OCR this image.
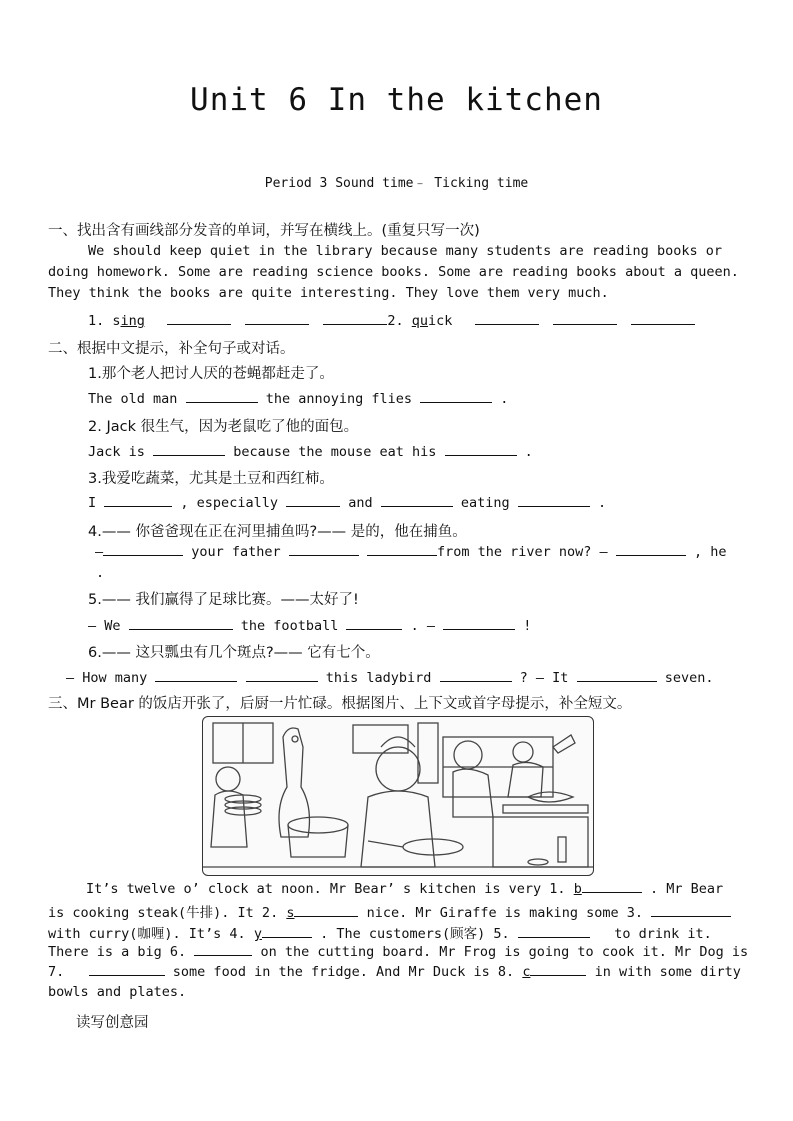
Unit 6 In the kitchen
Period 3 Sound time﹣ Ticking time
一、找出含有画线部分发音的单词，并写在横线上。(重复只写一次)
We should keep quiet in the library because many students are reading books or
doing homework. Some are reading science books. Some are reading books about a queen.
They think the books are quite interesting. They love them very much.
1. sing	2. quick
二、根据中文提示，补全句子或对话。
1.那个老人把讨人厌的苍蝇都赶走了。
The old man	the annoying flies	.
2. Jack 很生气，因为老鼠吃了他的面包。
Jack is	because the mouse eat his	.
3.我爱吃蔬菜，尤其是土豆和西红柿。
I	, especially	and	eating	.
4.—— 你爸爸现在正在河里捕鱼吗?—— 是的，他在捕鱼。
—	your father	from the river now? —	, he
.
5.—— 我们赢得了足球比赛。——太好了!
— We	the football	. —	!
6.—— 这只瓢虫有几个斑点?—— 它有七个。
— How many	this ladybird	? — It	seven.
三、Mr Bear 的饭店开张了，后厨一片忙碌。根据图片、上下文或首字母提示，补全短文。
It’s twelve o’ clock at noon. Mr Bear’ s kitchen is very 1. b	. Mr Bear
is cooking steak(牛排). It 2. s	nice. Mr Giraffe is making some 3.
with curry(咖喱). It’s 4. y	. The customers(顾客) 5.	to drink it.
There is a big 6.	on the cutting board. Mr Frog is going to cook it. Mr Dog is
7.	some food in the fridge. And Mr Duck is 8. c	in with some dirty
bowls and plates.
读写创意园
